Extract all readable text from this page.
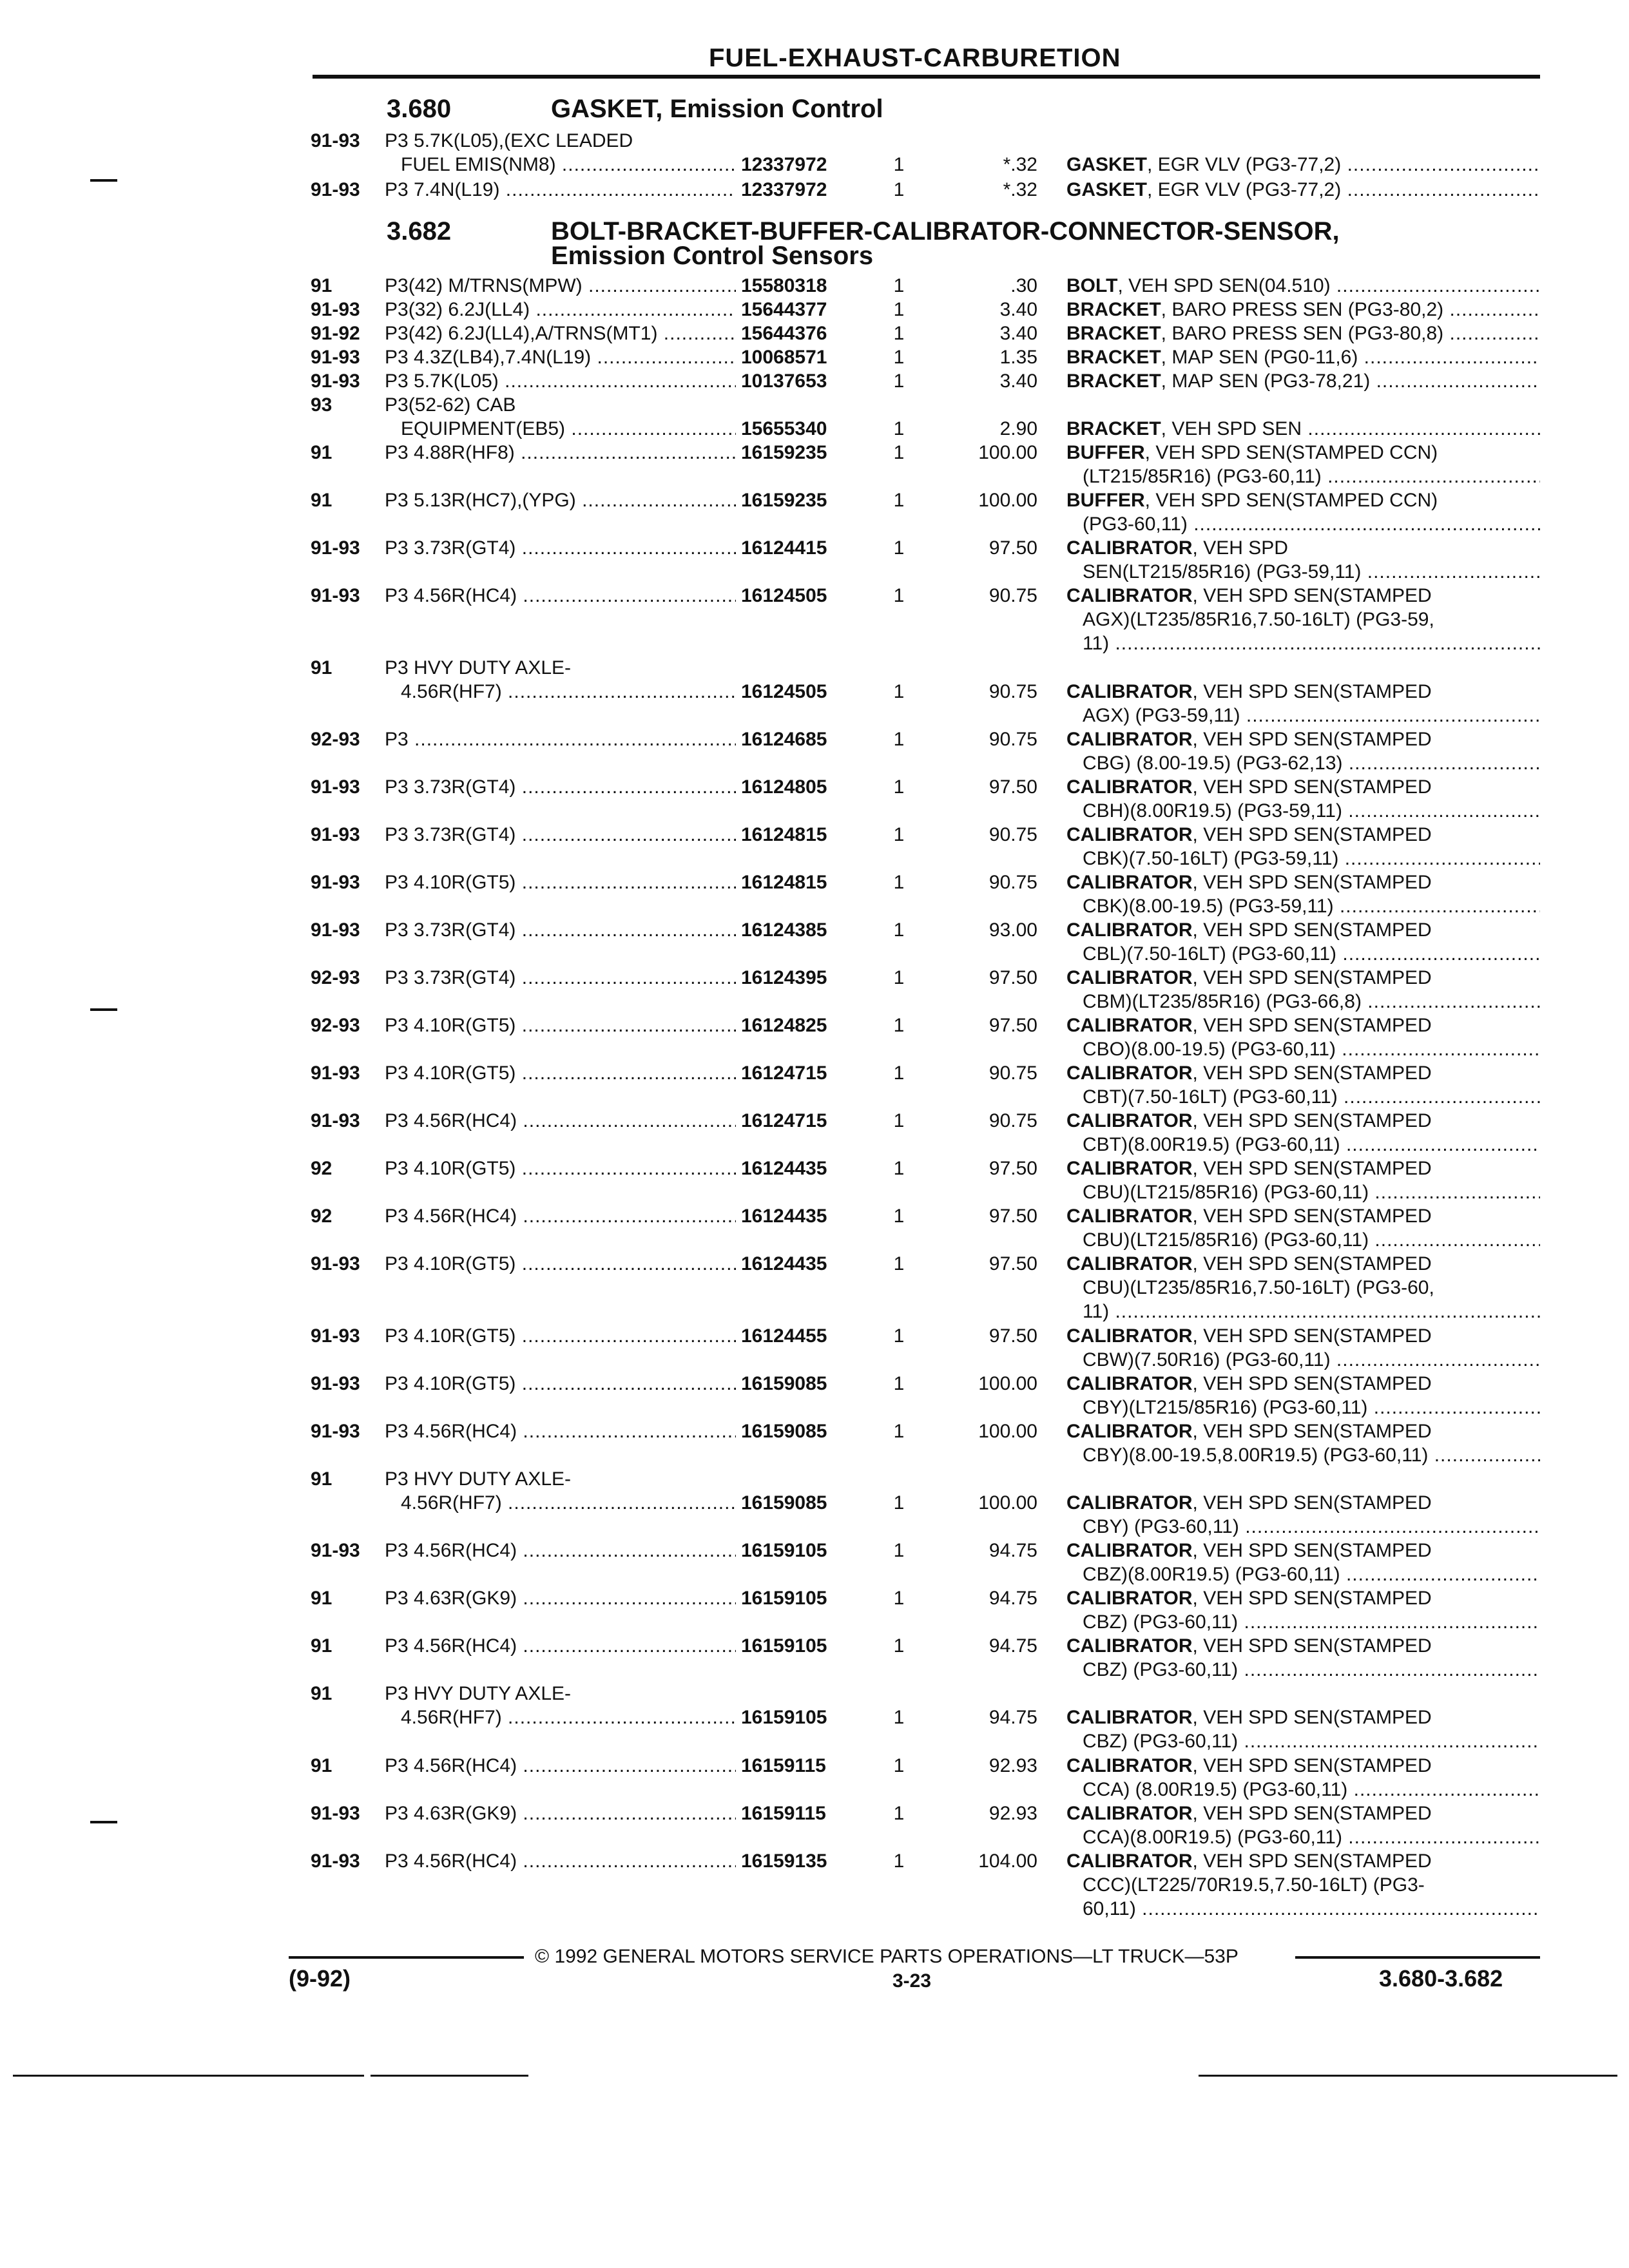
FUEL-EXHAUST-CARBURETION
3.680	GASKET, Emission Control
3.682	BOLT-BRACKET-BUFFER-CALIBRATOR-CONNECTOR-SENSOR,
Emission Control Sensors
91-93 P3 5.7K(L05),(EXC LEADED
FUEL EMIS(NM8) .....	12337972	1	*.32 GASKET, EGR VLV (PG3-77,2) .....
91-93 P3 7.4N(L19) .....	12337972	1	*.32 GASKET, EGR VLV (PG3-77,2) .....
91	P3(42) M/TRNS(MPW) .....	15580318	1	.30 BOLT, VEH SPD SEN(04.510) .....
91-93 P3(32) 6.2J(LL4) .....	15644377	1	3.40 BRACKET, BARO PRESS SEN (PG3-80,2) .....
91-92 P3(42) 6.2J(LL4),A/TRNS(MT1) .....	15644376	1	3.40 BRACKET, BARO PRESS SEN (PG3-80,8) .....
91-93 P3 4.3Z(LB4),7.4N(L19) .....	10068571	1	1.35 BRACKET, MAP SEN (PG0-11,6) .....
91-93 P3 5.7K(L05) .....	10137653	1	3.40 BRACKET, MAP SEN (PG3-78,21) .....
93	P3(52-62) CAB
EQUIPMENT(EB5) .....	15655340	1	2.90 BRACKET, VEH SPD SEN .....
91	P3 4.88R(HF8) .....	16159235	1	100.00 BUFFER, VEH SPD SEN(STAMPED CCN)
(LT215/85R16) (PG3-60,11) .....
91	P3 5.13R(HC7),(YPG) .....	16159235	1	100.00 BUFFER, VEH SPD SEN(STAMPED CCN)
(PG3-60,11) .....
91-93 P3 3.73R(GT4) .....	16124415	1	97.50 CALIBRATOR, VEH SPD
SEN(LT215/85R16) (PG3-59,11) .....
91-93 P3 4.56R(HC4) .....	16124505	1	90.75 CALIBRATOR, VEH SPD SEN(STAMPED
AGX)(LT235/85R16,7.50-16LT) (PG3-59,
11) .....
91	P3 HVY DUTY AXLE-
4.56R(HF7) .....	16124505	1	90.75 CALIBRATOR, VEH SPD SEN(STAMPED
AGX) (PG3-59,11) .....
92-93 P3 .....	16124685	1	90.75 CALIBRATOR, VEH SPD SEN(STAMPED
CBG) (8.00-19.5) (PG3-62,13) .....
91-93 P3 3.73R(GT4) .....	16124805	1	97.50 CALIBRATOR, VEH SPD SEN(STAMPED
CBH)(8.00R19.5) (PG3-59,11) .....
91-93 P3 3.73R(GT4) .....	16124815	1	90.75 CALIBRATOR, VEH SPD SEN(STAMPED
CBK)(7.50-16LT) (PG3-59,11) .....
91-93 P3 4.10R(GT5) .....	16124815	1	90.75 CALIBRATOR, VEH SPD SEN(STAMPED
CBK)(8.00-19.5) (PG3-59,11) .....
91-93 P3 3.73R(GT4) .....	16124385	1	93.00 CALIBRATOR, VEH SPD SEN(STAMPED
CBL)(7.50-16LT) (PG3-60,11) .....
92-93 P3 3.73R(GT4) .....	16124395	1	97.50 CALIBRATOR, VEH SPD SEN(STAMPED
CBM)(LT235/85R16) (PG3-66,8) .....
92-93 P3 4.10R(GT5) .....	16124825	1	97.50 CALIBRATOR, VEH SPD SEN(STAMPED
CBO)(8.00-19.5) (PG3-60,11) .....
91-93 P3 4.10R(GT5) .....	16124715	1	90.75 CALIBRATOR, VEH SPD SEN(STAMPED
CBT)(7.50-16LT) (PG3-60,11) .....
91-93 P3 4.56R(HC4) .....	16124715	1	90.75 CALIBRATOR, VEH SPD SEN(STAMPED
CBT)(8.00R19.5) (PG3-60,11) .....
92	P3 4.10R(GT5) .....	16124435	1	97.50 CALIBRATOR, VEH SPD SEN(STAMPED
CBU)(LT215/85R16) (PG3-60,11) .....
92	P3 4.56R(HC4) .....	16124435	1	97.50 CALIBRATOR, VEH SPD SEN(STAMPED
CBU)(LT215/85R16) (PG3-60,11) .....
91-93 P3 4.10R(GT5) .....	16124435	1	97.50 CALIBRATOR, VEH SPD SEN(STAMPED
CBU)(LT235/85R16,7.50-16LT) (PG3-60,
11) .....
91-93 P3 4.10R(GT5) .....	16124455	1	97.50 CALIBRATOR, VEH SPD SEN(STAMPED
CBW)(7.50R16) (PG3-60,11) .....
91-93 P3 4.10R(GT5) .....	16159085	1	100.00 CALIBRATOR, VEH SPD SEN(STAMPED
CBY)(LT215/85R16) (PG3-60,11) .....
91-93 P3 4.56R(HC4) .....	16159085	1	100.00 CALIBRATOR, VEH SPD SEN(STAMPED
CBY)(8.00-19.5,8.00R19.5) (PG3-60,11) .....
91	P3 HVY DUTY AXLE-
4.56R(HF7) .....	16159085	1	100.00 CALIBRATOR, VEH SPD SEN(STAMPED
CBY) (PG3-60,11) .....
91-93 P3 4.56R(HC4) .....	16159105	1	94.75 CALIBRATOR, VEH SPD SEN(STAMPED
CBZ)(8.00R19.5) (PG3-60,11) .....
91	P3 4.63R(GK9) .....	16159105	1	94.75 CALIBRATOR, VEH SPD SEN(STAMPED
CBZ) (PG3-60,11) .....
91	P3 4.56R(HC4) .....	16159105	1	94.75 CALIBRATOR, VEH SPD SEN(STAMPED
CBZ) (PG3-60,11) .....
91	P3 HVY DUTY AXLE-
4.56R(HF7) .....	16159105	1	94.75 CALIBRATOR, VEH SPD SEN(STAMPED
CBZ) (PG3-60,11) .....
91	P3 4.56R(HC4) .....	16159115	1	92.93 CALIBRATOR, VEH SPD SEN(STAMPED
CCA) (8.00R19.5) (PG3-60,11) .....
91-93 P3 4.63R(GK9) .....	16159115	1	92.93 CALIBRATOR, VEH SPD SEN(STAMPED
CCA)(8.00R19.5) (PG3-60,11) .....
91-93 P3 4.56R(HC4) .....	16159135	1	104.00 CALIBRATOR, VEH SPD SEN(STAMPED
CCC)(LT225/70R19.5,7.50-16LT) (PG3-
60,11) .....
© 1992 GENERAL MOTORS SERVICE PARTS OPERATIONS—LT TRUCK—53P
(9-92)	3-23	3.680-3.682
